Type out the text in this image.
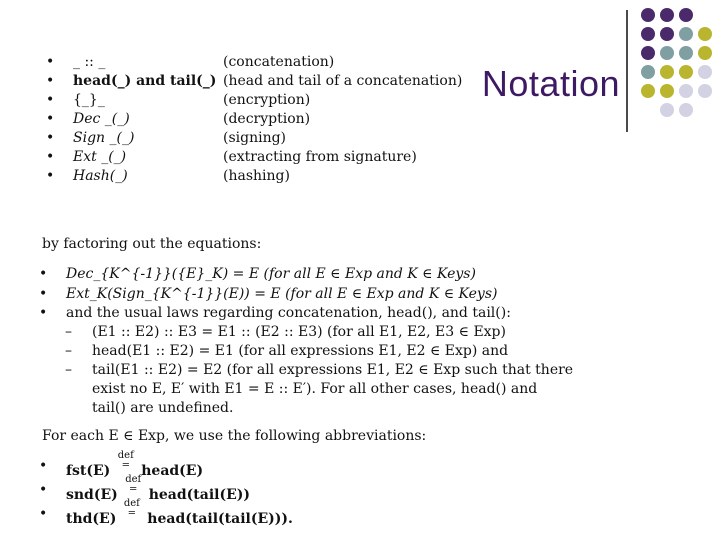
Notation
• _ :: _	(concatenation)
• head(_) and tail(_) (head and tail of a concatenation)
• {_}_	(encryption)
• Dec _(_)	(decryption)
• Sign _(_)	(signing)
• Ext _(_)	(extracting from signature)
• Hash(_)	(hashing)
by factoring out the equations:
• Dec_{K^{-1}}({E}_K) = E (for all E ∈ Exp and K ∈ Keys)
• Ext_K(Sign_{K^{-1}}(E)) = E (for all E ∈ Exp and K ∈ Keys)
• and the usual laws regarding concatenation, head(), and tail():
– (E1 :: E2) :: E3 = E1 :: (E2 :: E3) (for all E1, E2, E3 ∈ Exp)
– head(E1 :: E2) = E1 (for all expressions E1, E2 ∈ Exp) and
– tail(E1 :: E2) = E2 (for all expressions E1, E2 ∈ Exp such that there
exist no E, E′ with E1 = E :: E′). For all other cases, head() and
tail() are undefined.
For each E ∈ Exp, we use the following abbreviations:
• fst(E)
def
= head(E)
• snd(E)
def
= head(tail(E))
• thd(E)
def
= head(tail(tail(E))).
